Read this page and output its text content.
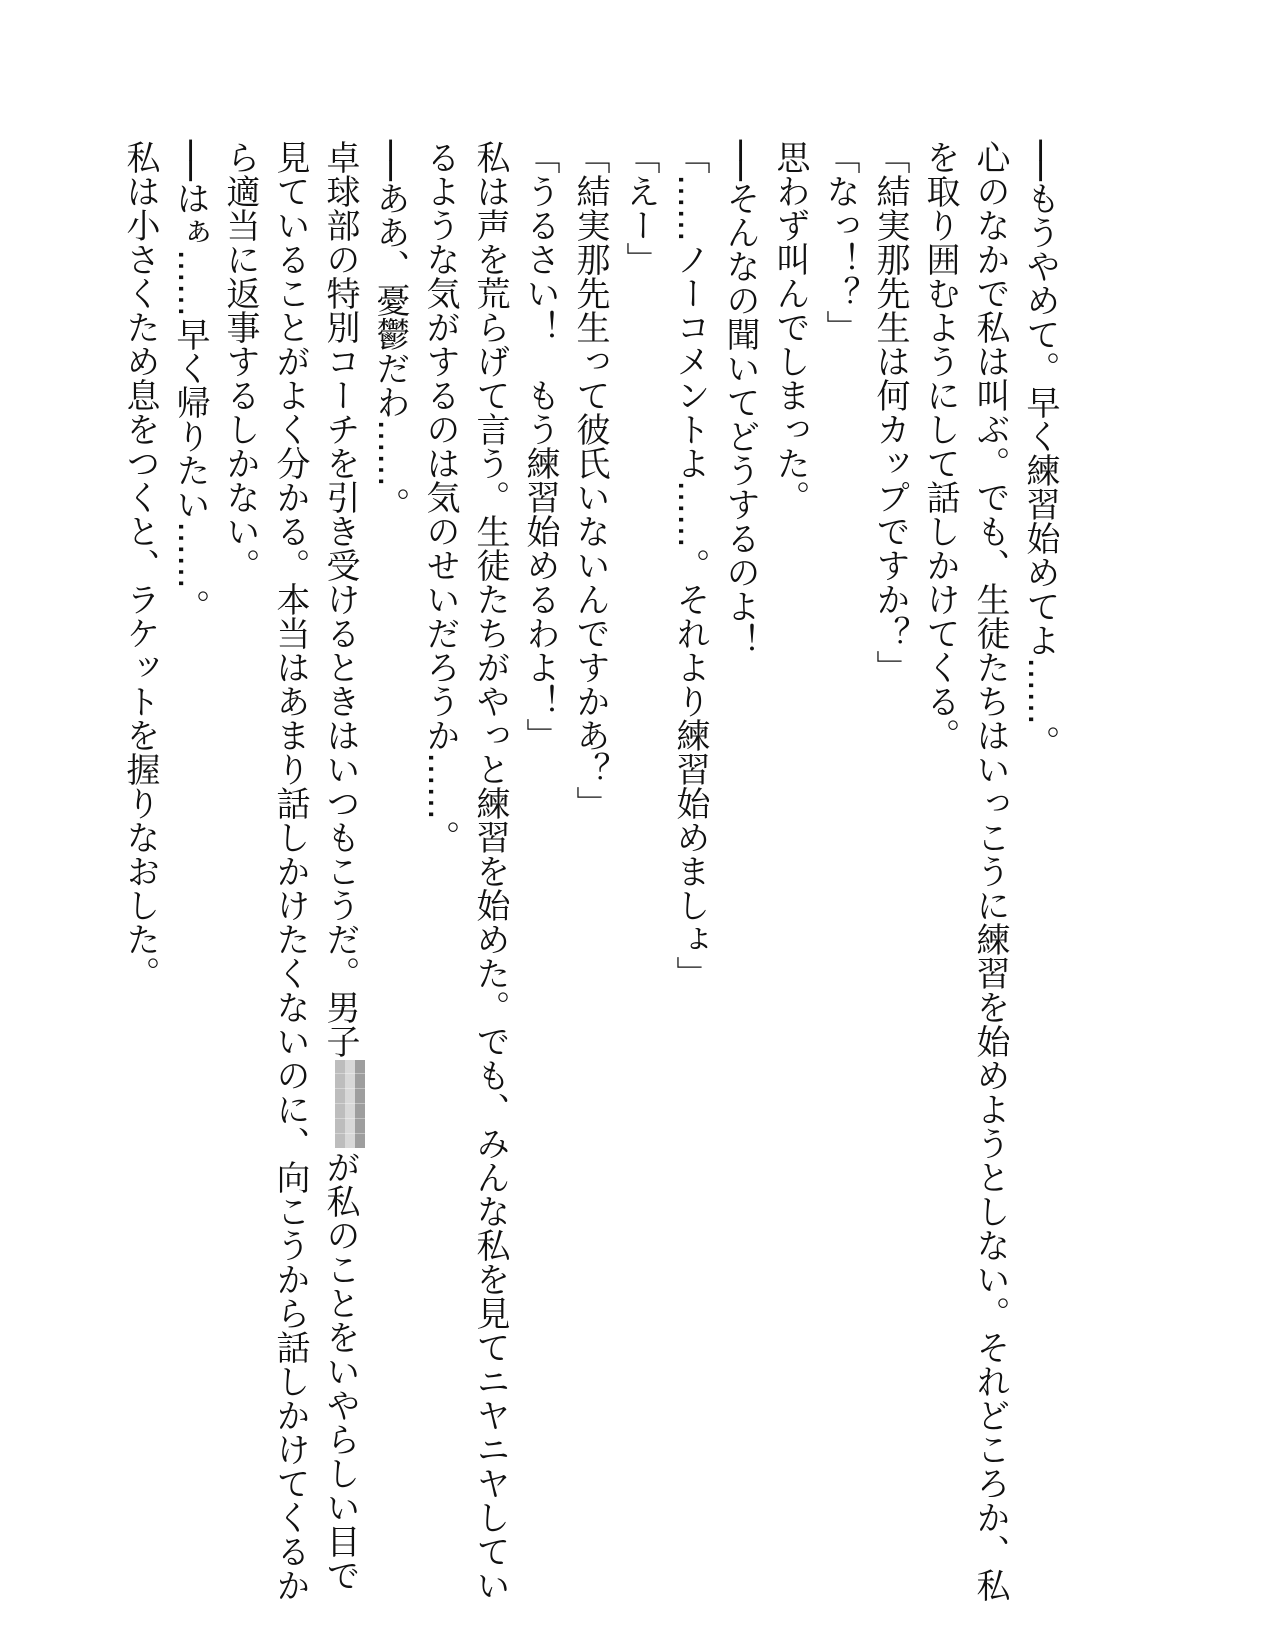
──もうやめて。早く練習始めてよ……。

心のなかで私は叫ぶ。でも、生徒たちはいっこうに練習を始めようとしない。それどころか、私

を取り囲むようにして話しかけてくる。

「結実那先生は何カップですか？」

「なっ！？」

思わず叫んでしまった。

──そんなの聞いてどうするのよ！

「……ノーコメントよ……。それより練習始めましょ」

「えー」

「結実那先生って彼氏いないんですかあ？」

「うるさい！　もう練習始めるわよ！」

私は声を荒らげて言う。生徒たちがやっと練習を始めた。でも、みんな私を見てニヤニヤしてい

るような気がするのは気のせいだろうか……。

──ああ、憂鬱だわ……。

卓球部の特別コーチを引き受けるときはいつもこうだ。男子が私のことをいやらしい目で

見ていることがよく分かる。本当はあまり話しかけたくないのに、向こうから話しかけてくるか

ら適当に返事するしかない。

──はぁ……早く帰りたい……。

私は小さくため息をつくと、ラケットを握りなおした。
